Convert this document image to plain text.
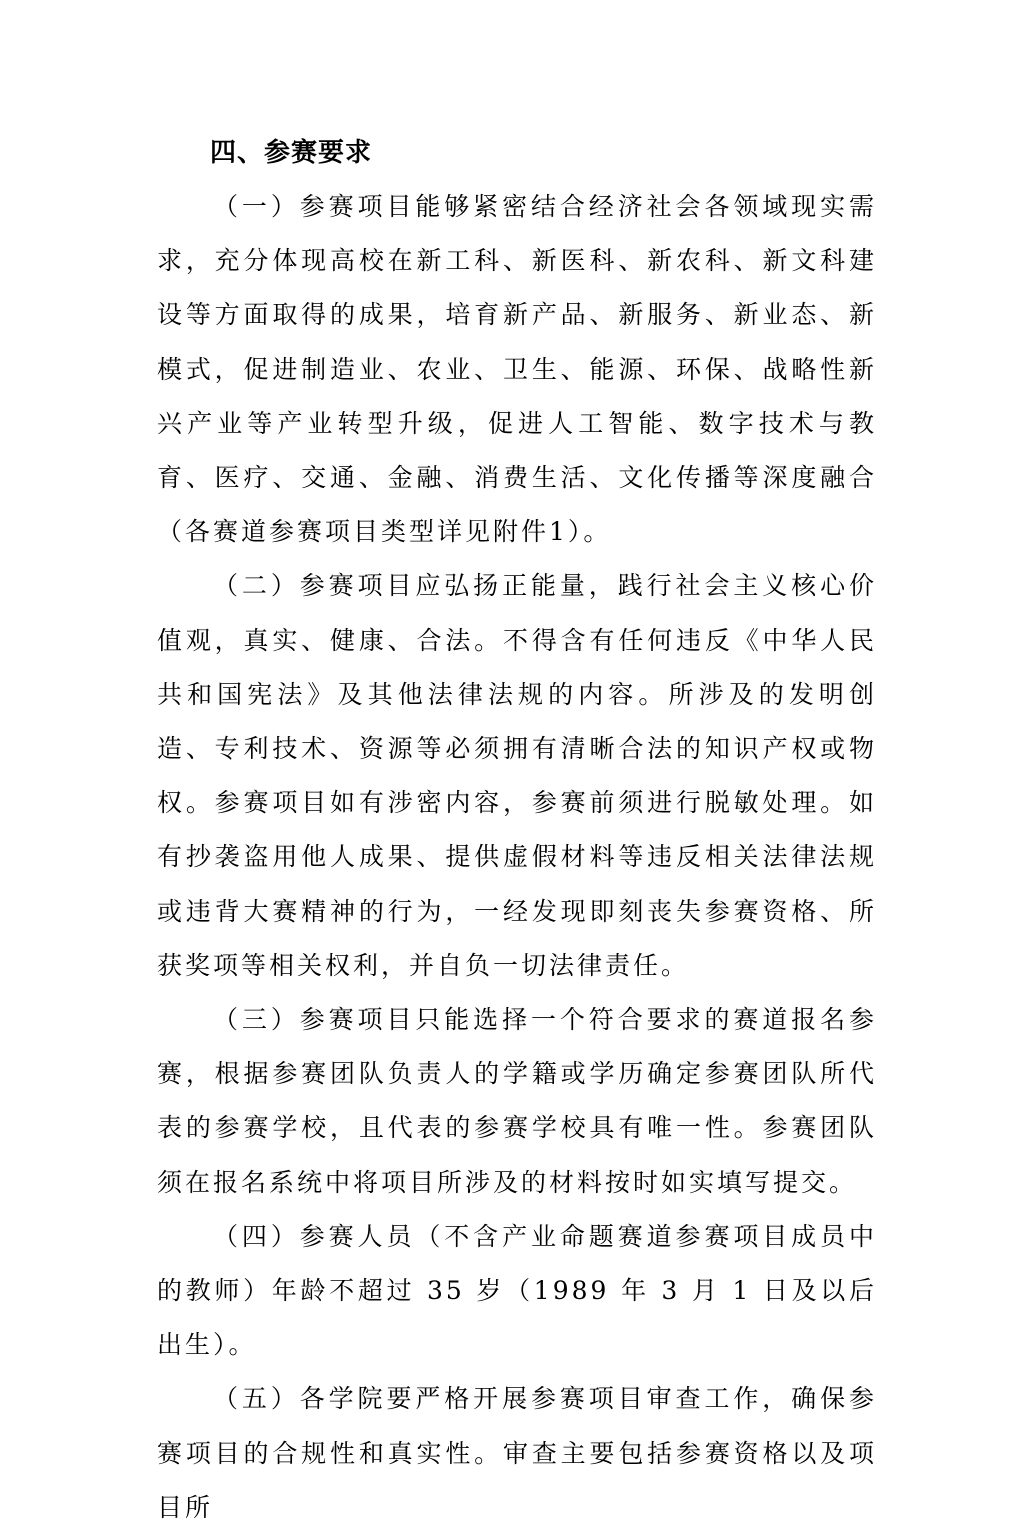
四、参赛要求

（一）参赛项目能够紧密结合经济社会各领域现实需求，充分体现高校在新工科、新医科、新农科、新文科建设等方面取得的成果，培育新产品、新服务、新业态、新模式，促进制造业、农业、卫生、能源、环保、战略性新兴产业等产业转型升级，促进人工智能、数字技术与教育、医疗、交通、金融、消费生活、文化传播等深度融合（各赛道参赛项目类型详见附件1）。

（二）参赛项目应弘扬正能量，践行社会主义核心价值观，真实、健康、合法。不得含有任何违反《中华人民共和国宪法》及其他法律法规的内容。所涉及的发明创造、专利技术、资源等必须拥有清晰合法的知识产权或物权。参赛项目如有涉密内容，参赛前须进行脱敏处理。如有抄袭盗用他人成果、提供虚假材料等违反相关法律法规或违背大赛精神的行为，一经发现即刻丧失参赛资格、所获奖项等相关权利，并自负一切法律责任。

（三）参赛项目只能选择一个符合要求的赛道报名参赛，根据参赛团队负责人的学籍或学历确定参赛团队所代表的参赛学校，且代表的参赛学校具有唯一性。参赛团队须在报名系统中将项目所涉及的材料按时如实填写提交。

（四）参赛人员（不含产业命题赛道参赛项目成员中的教师）年龄不超过 35 岁（1989 年 3 月 1 日及以后出生）。

（五）各学院要严格开展参赛项目审查工作，确保参赛项目的合规性和真实性。审查主要包括参赛资格以及项目所
